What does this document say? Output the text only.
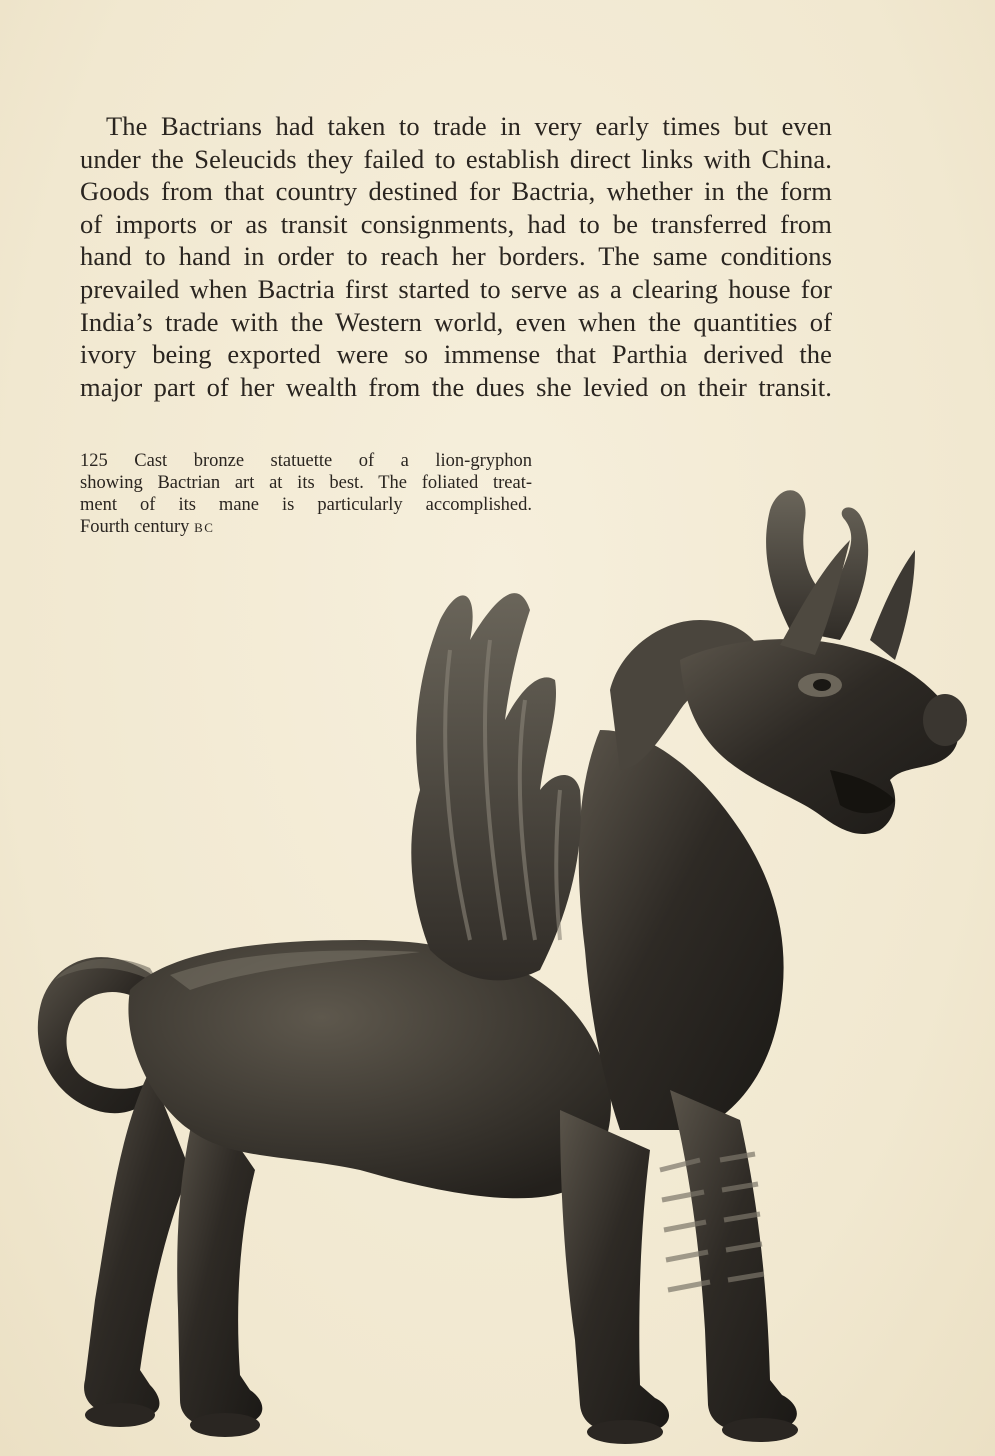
The Bactrians had taken to trade in very early times but even
under the Seleucids they failed to establish direct links with China.
Goods from that country destined for Bactria, whether in the form
of imports or as transit consignments, had to be transferred from
hand to hand in order to reach her borders. The same conditions
prevailed when Bactria first started to serve as a clearing house for
India’s trade with the Western world, even when the quantities of
ivory being exported were so immense that Parthia derived the
major part of her wealth from the dues she levied on their transit.
125 Cast bronze statuette of a lion-gryphon
showing Bactrian art at its best. The foliated treat-
ment of its mane is particularly accomplished.
Fourth century BC
